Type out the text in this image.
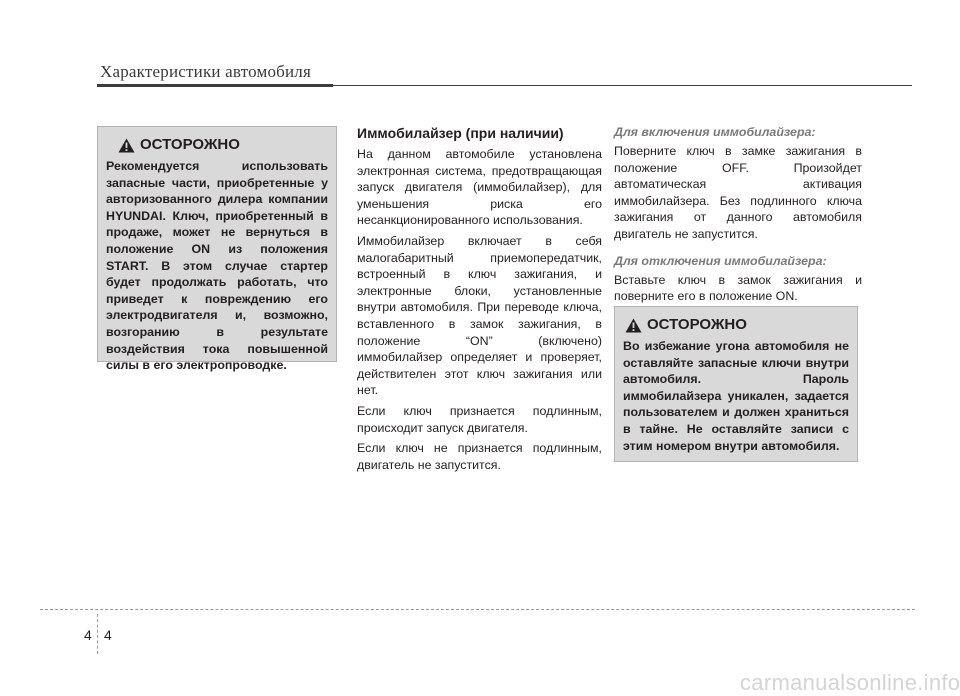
Характеристики автомобиля
ОСТОРОЖНО
Рекомендуется использовать запасные части, приобретенные у авторизованного дилера компании HYUNDAI. Ключ, приобретенный в продаже, может не вернуться в положение ON из положения START. В этом случае стартер будет продолжать работать, что приведет к повреждению его электродвигателя и, возможно, возгоранию в результате воздействия тока повышенной силы в его электропроводке.
Иммобилайзер (при наличии)

На данном автомобиле установлена электронная система, предотвращающая запуск двигателя (иммобилайзер), для уменьшения риска его несанкционированного использования.

Иммобилайзер включает в себя малогабаритный приемопередатчик, встроенный в ключ зажигания, и электронные блоки, установленные внутри автомобиля. При переводе ключа, вставленного в замок зажигания, в положение “ON” (включено) иммобилайзер определяет и проверяет, действителен этот ключ зажигания или нет.

Если ключ признается подлинным, происходит запуск двигателя.

Если ключ не признается подлинным, двигатель не запустится.

Для включения иммобилайзера:

Поверните ключ в замке зажигания в положение OFF. Произойдет автоматическая активация иммобилайзера. Без подлинного ключа зажигания от данного автомобиля двигатель не запустится.

Для отключения иммобилайзера:

Вставьте ключ в замок зажигания и поверните его в положение ON.

ОСТОРОЖНО
Во избежание угона автомобиля не оставляйте запасные ключи внутри автомобиля. Пароль иммобилайзера уникален, задается пользователем и должен храниться в тайне. Не оставляйте записи с этим номером внутри автомобиля.
4 4
carmanualsonline.info
